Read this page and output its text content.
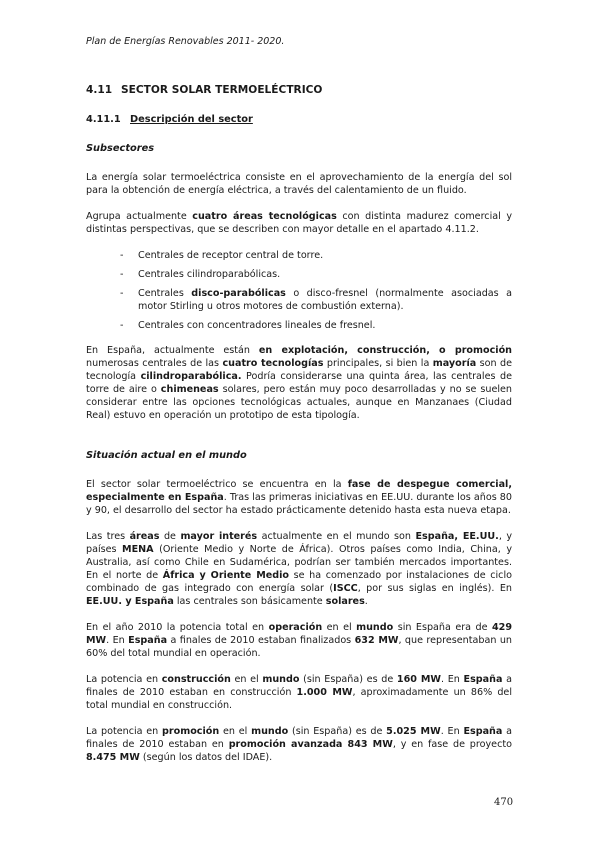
Plan de Energías Renovables 2011- 2020.
4.11 SECTOR SOLAR TERMOELÉCTRICO
4.11.1 Descripción del sector
Subsectores

La energía solar termoeléctrica consiste en el aprovechamiento de la energía del sol para la obtención de energía eléctrica, a través del calentamiento de un fluido.

Agrupa actualmente cuatro áreas tecnológicas con distinta madurez comercial y distintas perspectivas, que se describen con mayor detalle en el apartado 4.11.2.

- Centrales de receptor central de torre.
- Centrales cilindroparabólicas.
- Centrales disco-parabólicas o disco-fresnel (normalmente asociadas a motor Stirling u otros motores de combustión externa).
- Centrales con concentradores lineales de fresnel.

En España, actualmente están en explotación, construcción, o promoción numerosas centrales de las cuatro tecnologías principales, si bien la mayoría son de tecnología cilindroparabólica. Podría considerarse una quinta área, las centrales de torre de aire o chimeneas solares, pero están muy poco desarrolladas y no se suelen considerar entre las opciones tecnológicas actuales, aunque en Manzanaes (Ciudad Real) estuvo en operación un prototipo de esta tipología.

Situación actual en el mundo

El sector solar termoeléctrico se encuentra en la fase de despegue comercial, especialmente en España. Tras las primeras iniciativas en EE.UU. durante los años 80 y 90, el desarrollo del sector ha estado prácticamente detenido hasta esta nueva etapa.

Las tres áreas de mayor interés actualmente en el mundo son España, EE.UU., y países MENA (Oriente Medio y Norte de África). Otros países como India, China, y Australia, así como Chile en Sudamérica, podrían ser también mercados importantes. En el norte de África y Oriente Medio se ha comenzado por instalaciones de ciclo combinado de gas integrado con energía solar (ISCC, por sus siglas en inglés). En EE.UU. y España las centrales son básicamente solares.

En el año 2010 la potencia total en operación en el mundo sin España era de 429 MW. En España a finales de 2010 estaban finalizados 632 MW, que representaban un 60% del total mundial en operación.

La potencia en construcción en el mundo (sin España) es de 160 MW. En España a finales de 2010 estaban en construcción 1.000 MW, aproximadamente un 86% del total mundial en construcción.

La potencia en promoción en el mundo (sin España) es de 5.025 MW. En España a finales de 2010 estaban en promoción avanzada 843 MW, y en fase de proyecto 8.475 MW (según los datos del IDAE).

470
